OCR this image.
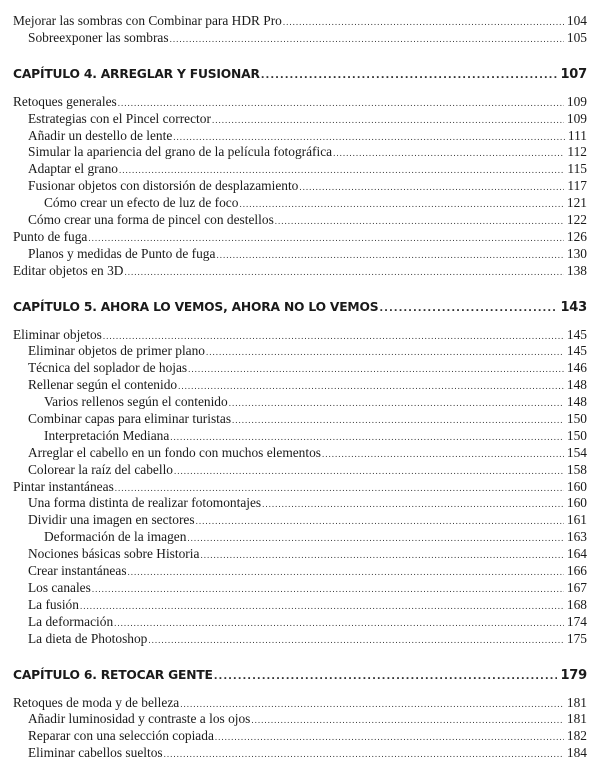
Mejorar las sombras con Combinar para HDR Pro .....	104
Sobreexponer las sombras .....	105
CAPÍTULO 4. ARREGLAR Y FUSIONAR .....	107
Retoques generales .....	109
Estrategias con el Pincel corrector .....	109
Añadir un destello de lente .....	111
Simular la apariencia del grano de la película fotográfica .....	112
Adaptar el grano .....	115
Fusionar objetos con distorsión de desplazamiento .....	117
Cómo crear un efecto de luz de foco .....	121
Cómo crear una forma de pincel con destellos .....	122
Punto de fuga .....	126
Planos y medidas de Punto de fuga .....	130
Editar objetos en 3D .....	138
CAPÍTULO 5. AHORA LO VEMOS, AHORA NO LO VEMOS .....	143
Eliminar objetos .....	145
Eliminar objetos de primer plano .....	145
Técnica del soplador de hojas .....	146
Rellenar según el contenido .....	148
Varios rellenos según el contenido .....	148
Combinar capas para eliminar turistas .....	150
Interpretación Mediana .....	150
Arreglar el cabello en un fondo con muchos elementos .....	154
Colorear la raíz del cabello .....	158
Pintar instantáneas .....	160
Una forma distinta de realizar fotomontajes .....	160
Dividir una imagen en sectores .....	161
Deformación de la imagen .....	163
Nociones básicas sobre Historia .....	164
Crear instantáneas .....	166
Los canales .....	167
La fusión .....	168
La deformación .....	174
La dieta de Photoshop .....	175
CAPÍTULO 6. RETOCAR GENTE .....	179
Retoques de moda y de belleza .....	181
Añadir luminosidad y contraste a los ojos .....	181
Reparar con una selección copiada .....	182
Eliminar cabellos sueltos .....	184
